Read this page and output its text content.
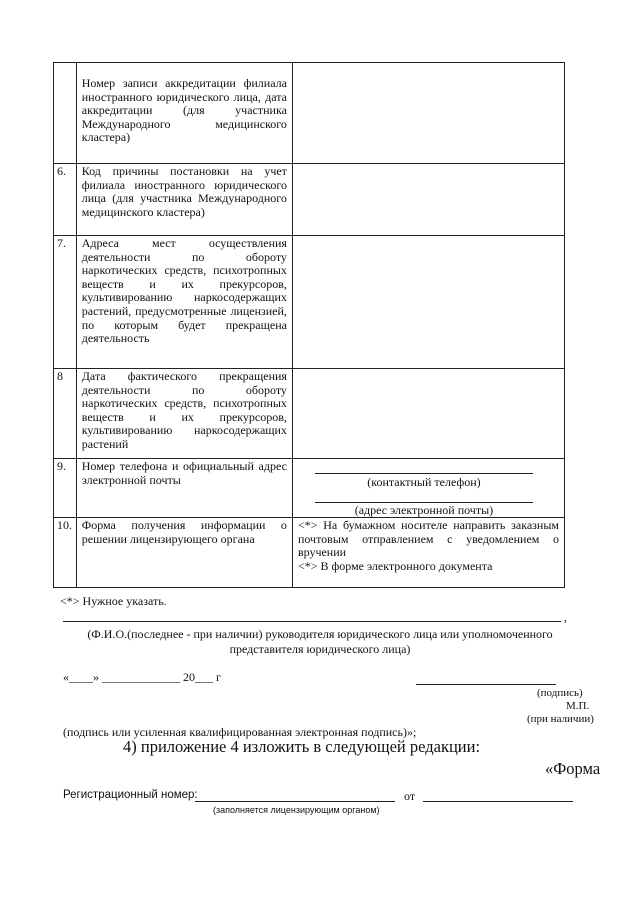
	Номер записи аккредитации филиала иностранного юридического лица, дата аккредитации (для участника Международного медицинского кластера)	
6.	Код причины постановки на учет филиала иностранного юридического лица (для участника Международного медицинского кластера)	
7.	Адреса мест осуществления деятельности по обороту наркотических средств, психотропных веществ и их прекурсоров, культивированию наркосодержащих растений, предусмотренные лицензией, по которым будет прекращена деятельность	
8	Дата фактического прекращения деятельности по обороту наркотических средств, психотропных веществ и их прекурсоров, культивированию наркосодержащих растений	
9.	Номер телефона и официальный адрес электронной почты	(контактный телефон)
(адрес электронной почты)

10.	Форма получения информации о решении лицензирующего органа	<*> На бумажном носителе направить заказным почтовым отправлением с уведомлением о вручении
<*> В форме электронного документа
<*> Нужное указать.
,
(Ф.И.О.(последнее - при наличии) руководителя юридического лица или уполномоченного представителя юридического лица)
«____» _____________ 20___ г
(подпись)
М.П.
(при наличии)
(подпись или усиленная квалифицированная электронная подпись)»;
4) приложение 4 изложить в следующей редакции:
«Форма
Регистрационный номер:	от
(заполняется лицензирующим органом)
